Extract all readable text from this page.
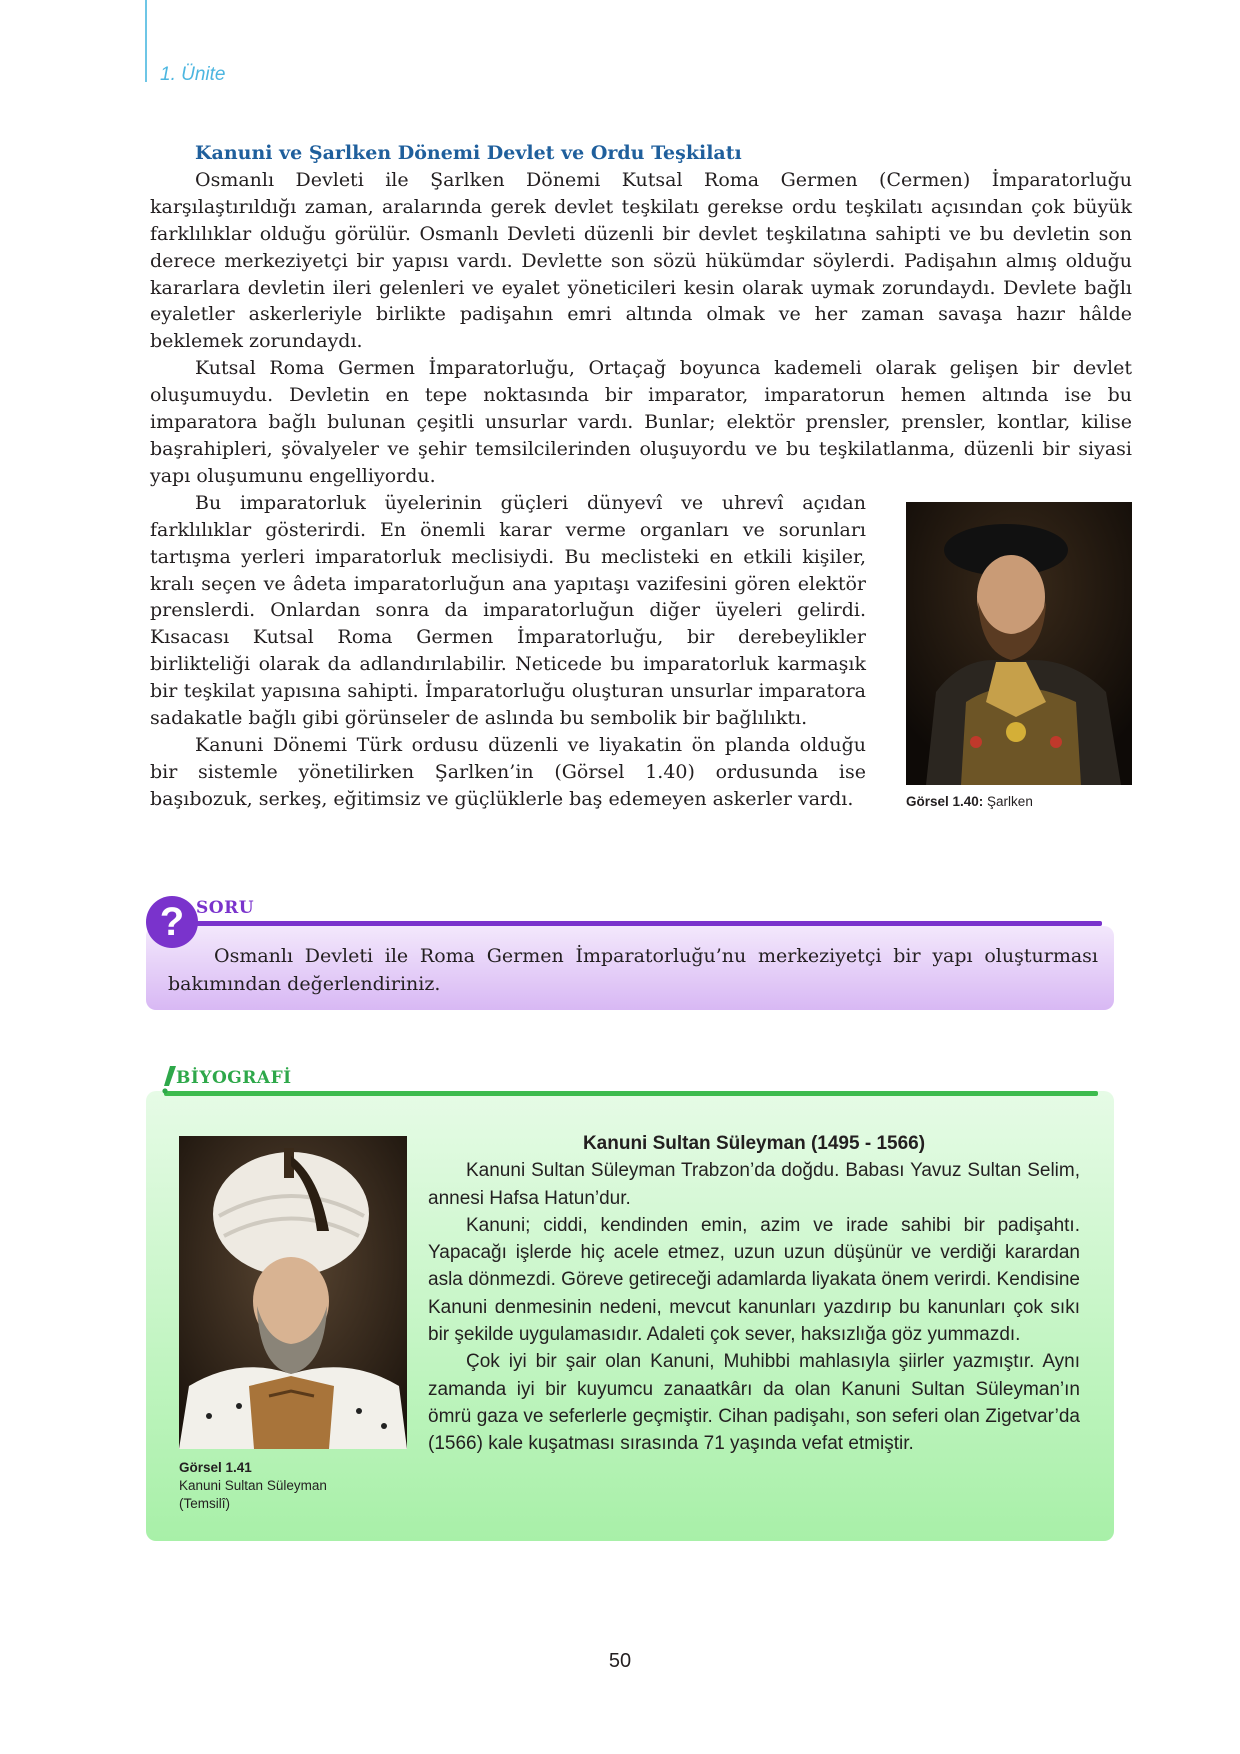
1. Ünite
Kanuni ve Şarlken Dönemi Devlet ve Ordu Teşkilatı

Osmanlı Devleti ile Şarlken Dönemi Kutsal Roma Germen (Cermen) İmparatorluğu karşılaştırıldığı zaman, aralarında gerek devlet teşkilatı gerekse ordu teşkilatı açısından çok büyük farklılıklar olduğu görülür. Osmanlı Devleti düzenli bir devlet teşkilatına sahipti ve bu devletin son derece merkeziyetçi bir yapısı vardı. Devlette son sözü hükümdar söylerdi. Padişahın almış olduğu kararlara devletin ileri gelenleri ve eyalet yöneticileri kesin olarak uymak zorundaydı. Devlete bağlı eyaletler askerleriyle birlikte padişahın emri altında olmak ve her zaman savaşa hazır hâlde beklemek zorundaydı.

Kutsal Roma Germen İmparatorluğu, Ortaçağ boyunca kademeli olarak gelişen bir devlet oluşumuydu. Devletin en tepe noktasında bir imparator, imparatorun hemen altında ise bu imparatora bağlı bulunan çeşitli unsurlar vardı. Bunlar; elektör prensler, prensler, kontlar, kilise başrahipleri, şövalyeler ve şehir temsilcilerinden oluşuyordu ve bu teşkilatlanma, düzenli bir siyasi yapı oluşumunu engelliyordu.

Bu imparatorluk üyelerinin güçleri dünyevî ve uhrevî açıdan farklılıklar gösterirdi. En önemli karar verme organları ve sorunları tartışma yerleri imparatorluk meclisiydi. Bu meclisteki en etkili kişiler, kralı seçen ve âdeta imparatorluğun ana yapıtaşı vazifesini gören elektör prenslerdi. Onlardan sonra da imparatorluğun diğer üyeleri gelirdi. Kısacası Kutsal Roma Germen İmparatorluğu, bir derebeylikler birlikteliği olarak da adlandırılabilir. Neticede bu imparatorluk karmaşık bir teşkilat yapısına sahipti. İmparatorluğu oluşturan unsurlar imparatora sadakatle bağlı gibi görünseler de aslında bu sembolik bir bağlılıktı.

Kanuni Dönemi Türk ordusu düzenli ve liyakatin ön planda olduğu bir sistemle yönetilirken Şarlken’in (Görsel 1.40) ordusunda ise başıbozuk, serkeş, eğitimsiz ve güçlüklerle baş edemeyen askerler vardı.	Görsel 1.40: Şarlken
? SORU
Osmanlı Devleti ile Roma Germen İmparatorluğu’nu merkeziyetçi bir yapı oluşturması bakımından değerlendiriniz.
BİYOGRAFİ
Görsel 1.41
Kanuni Sultan Süleyman
(Temsilî)
Kanuni Sultan Süleyman (1495 - 1566)

Kanuni Sultan Süleyman Trabzon’da doğdu. Babası Yavuz Sultan Selim, annesi Hafsa Hatun’dur.

Kanuni; ciddi, kendinden emin, azim ve irade sahibi bir padişahtı. Yapacağı işlerde hiç acele etmez, uzun uzun düşünür ve verdiği karardan asla dönmezdi. Göreve getireceği adamlarda liyakata önem verirdi. Kendisine Kanuni denmesinin nedeni, mevcut kanunları yazdırıp bu kanunları çok sıkı bir şekilde uygulamasıdır. Adaleti çok sever, haksızlığa göz yummazdı.

Çok iyi bir şair olan Kanuni, Muhibbi mahlasıyla şiirler yazmıştır. Aynı zamanda iyi bir kuyumcu zanaatkârı da olan Kanuni Sultan Süleyman’ın ömrü gaza ve seferlerle geçmiştir. Cihan padişahı, son seferi olan Zigetvar’da (1566) kale kuşatması sırasında 71 yaşında vefat etmiştir.

50
